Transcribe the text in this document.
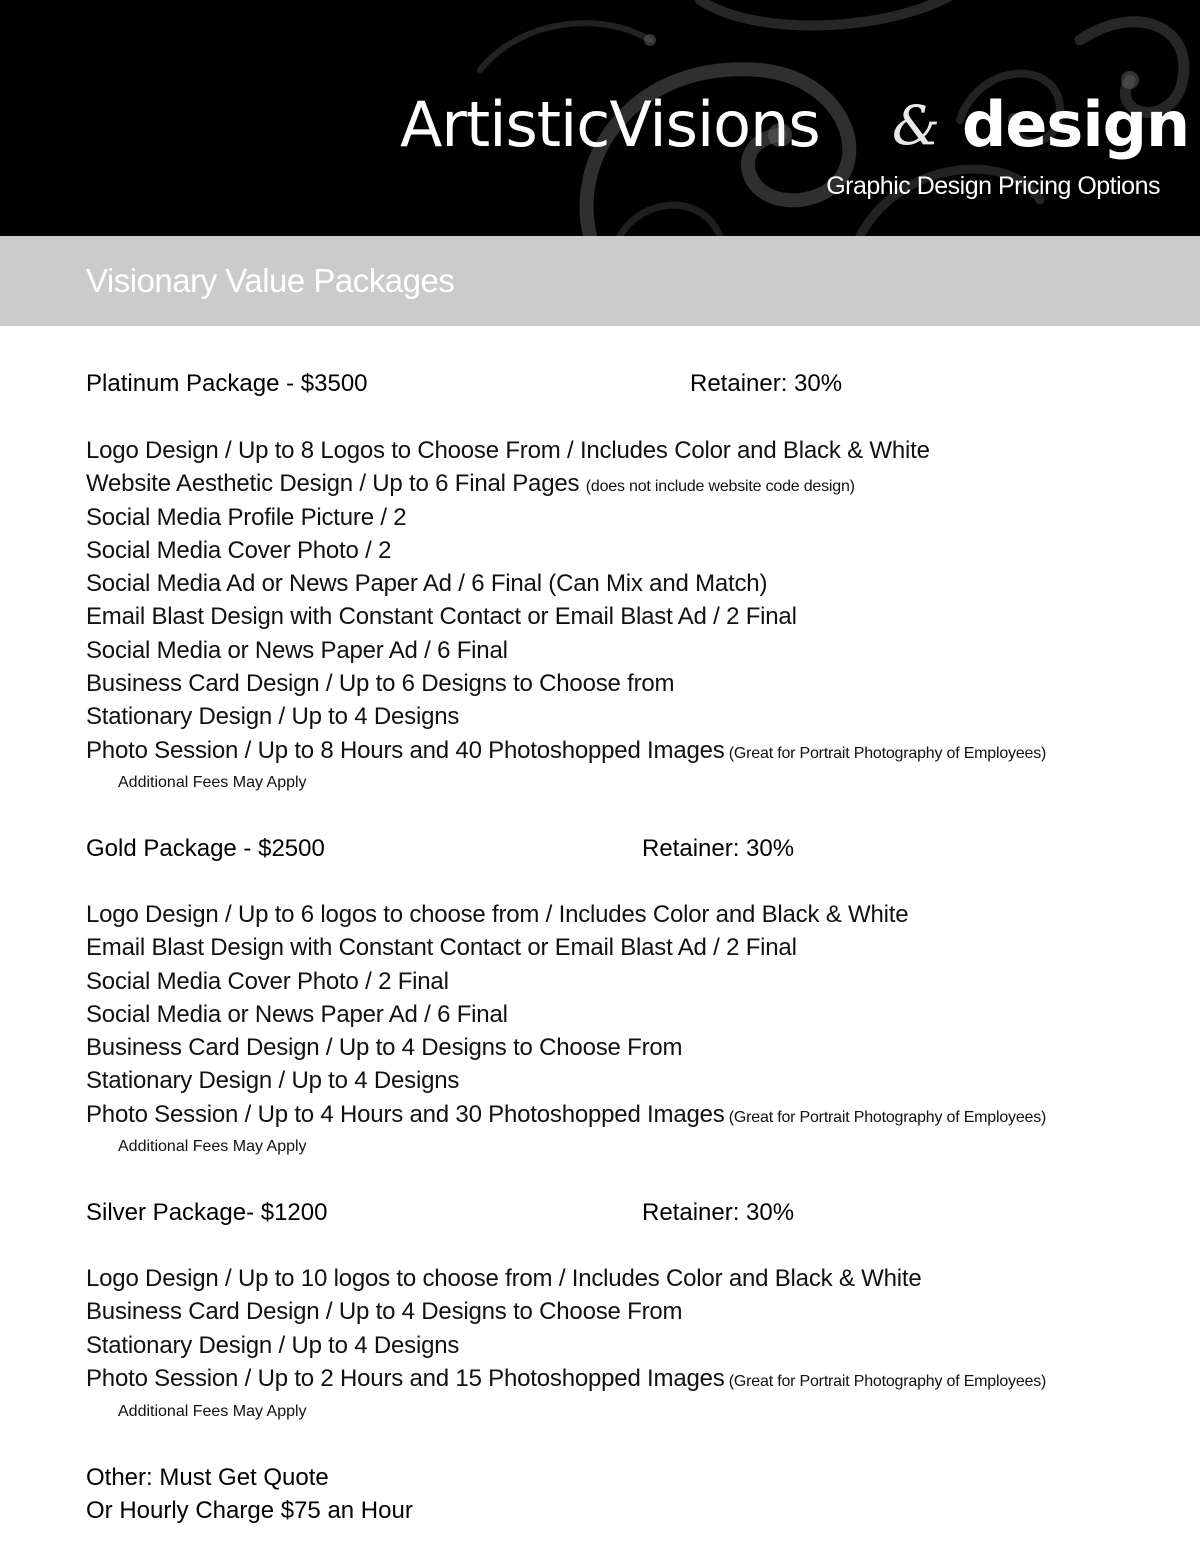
ArtisticVisions & design
Graphic Design Pricing Options
Visionary Value Packages
Platinum Package - $3500	Retainer: 30%
Logo Design / Up to 8 Logos to Choose From / Includes Color and Black & White
Website Aesthetic Design / Up to 6 Final Pages (does not include website code design)
Social Media Profile Picture / 2
Social Media Cover Photo / 2
Social Media Ad or News Paper Ad / 6 Final (Can Mix and Match)
Email Blast Design with Constant Contact or Email Blast Ad / 2 Final
Social Media or News Paper Ad / 6 Final
Business Card Design / Up to 6 Designs to Choose from
Stationary Design / Up to 4 Designs
Photo Session / Up to 8 Hours and 40 Photoshopped Images (Great for Portrait Photography of Employees)
Additional Fees May Apply
Gold Package - $2500	Retainer: 30%
Logo Design / Up to 6 logos to choose from / Includes Color and Black & White
Email Blast Design with Constant Contact or Email Blast Ad / 2 Final
Social Media Cover Photo / 2 Final
Social Media or News Paper Ad / 6 Final
Business Card Design / Up to 4 Designs to Choose From
Stationary Design / Up to 4 Designs
Photo Session / Up to 4 Hours and 30 Photoshopped Images (Great for Portrait Photography of Employees)
Additional Fees May Apply
Silver Package- $1200	Retainer: 30%
Logo Design / Up to 10 logos to choose from / Includes Color and Black & White
Business Card Design / Up to 4 Designs to Choose From
Stationary Design / Up to 4 Designs
Photo Session / Up to 2 Hours and 15 Photoshopped Images (Great for Portrait Photography of Employees)
Additional Fees May Apply
Other: Must Get Quote
Or Hourly Charge $75 an Hour
